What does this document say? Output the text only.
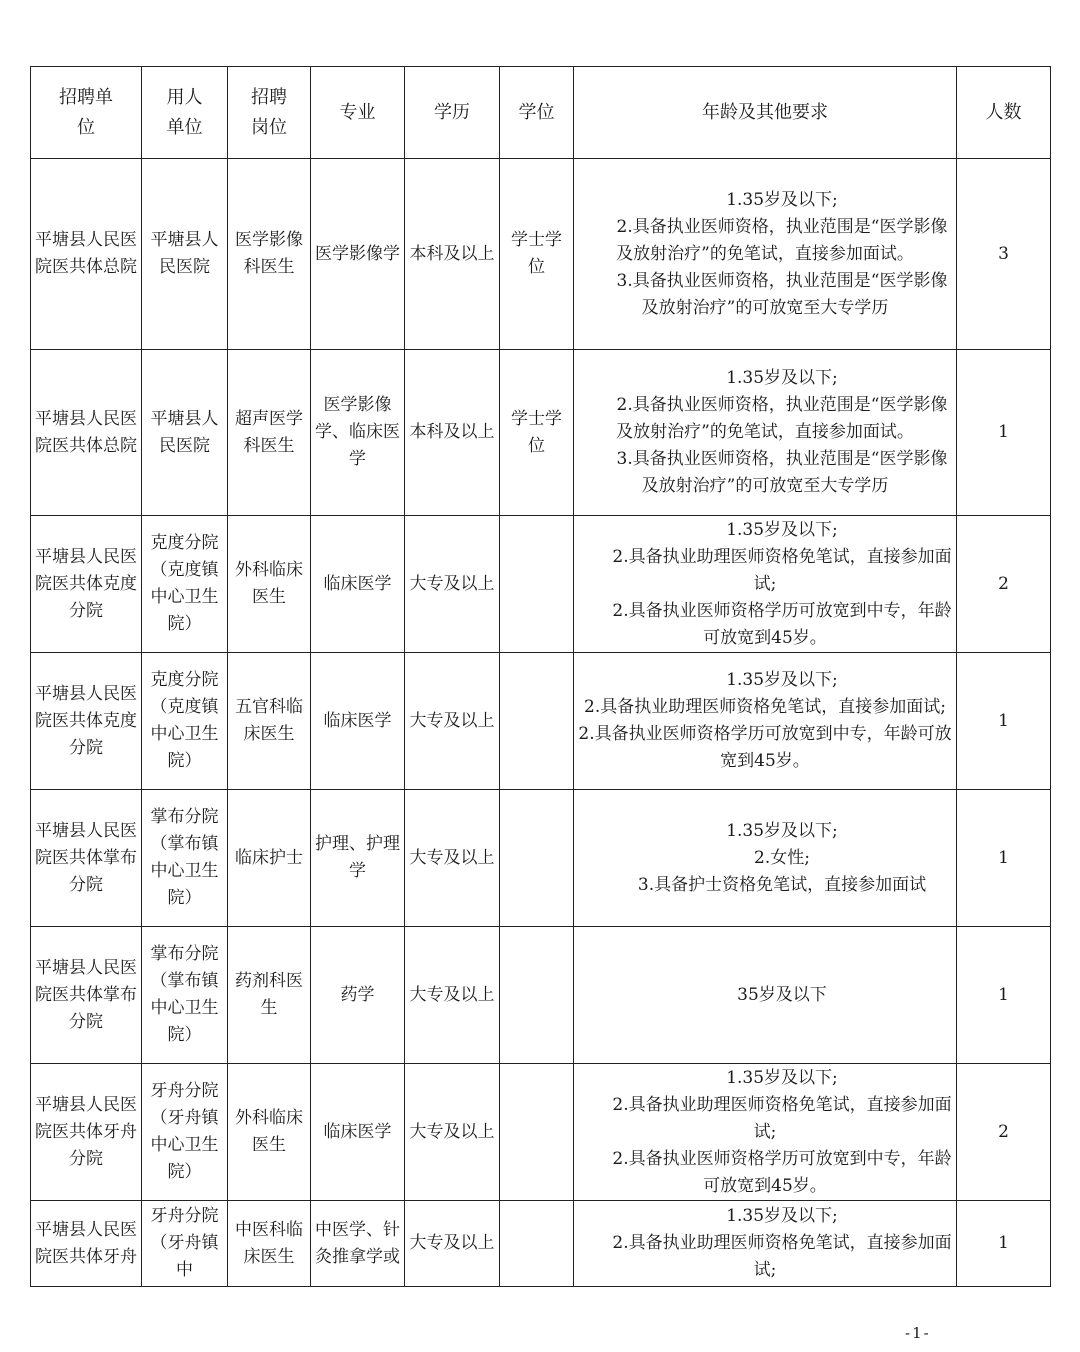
招聘单位	用人单位	招聘岗位	专业	学历	学位	年龄及其他要求	人数
平塘县人民医院医共体总院	平塘县人民医院	医学影像科医生	医学影像学	本科及以上	学士学位	1.35岁及以下;
2.具备执业医师资格，执业范围是“医学影像及放射治疗”的免笔试，直接参加面试。
3.具备执业医师资格，执业范围是“医学影像及放射治疗”的可放宽至大专学历	3
平塘县人民医院医共体总院	平塘县人民医院	超声医学科医生	医学影像学、临床医学	本科及以上	学士学位	1.35岁及以下;
2.具备执业医师资格，执业范围是“医学影像及放射治疗”的免笔试，直接参加面试。
3.具备执业医师资格，执业范围是“医学影像及放射治疗”的可放宽至大专学历	1
平塘县人民医院医共体克度分院	克度分院（克度镇中心卫生院）	外科临床医生	临床医学	大专及以上		1.35岁及以下;
2.具备执业助理医师资格免笔试，直接参加面试;
2.具备执业医师资格学历可放宽到中专，年龄可放宽到45岁。	2
平塘县人民医院医共体克度分院	克度分院（克度镇中心卫生院）	五官科临床医生	临床医学	大专及以上		1.35岁及以下;
2.具备执业助理医师资格免笔试，直接参加面试;
2.具备执业医师资格学历可放宽到中专，年龄可放宽到45岁。	1
平塘县人民医院医共体掌布分院	掌布分院（掌布镇中心卫生院）	临床护士	护理、护理学	大专及以上		1.35岁及以下;
2.女性;
3.具备护士资格免笔试，直接参加面试	1
平塘县人民医院医共体掌布分院	掌布分院（掌布镇中心卫生院）	药剂科医生	药学	大专及以上		35岁及以下	1
平塘县人民医院医共体牙舟分院	牙舟分院（牙舟镇中心卫生院）	外科临床医生	临床医学	大专及以上		1.35岁及以下;
2.具备执业助理医师资格免笔试，直接参加面试;
2.具备执业医师资格学历可放宽到中专，年龄可放宽到45岁。	2
平塘县人民医院医共体牙舟	牙舟分院（牙舟镇中	中医科临床医生	中医学、针灸推拿学或	大专及以上		1.35岁及以下;
2.具备执业助理医师资格免笔试，直接参加面试;	1
-1-
